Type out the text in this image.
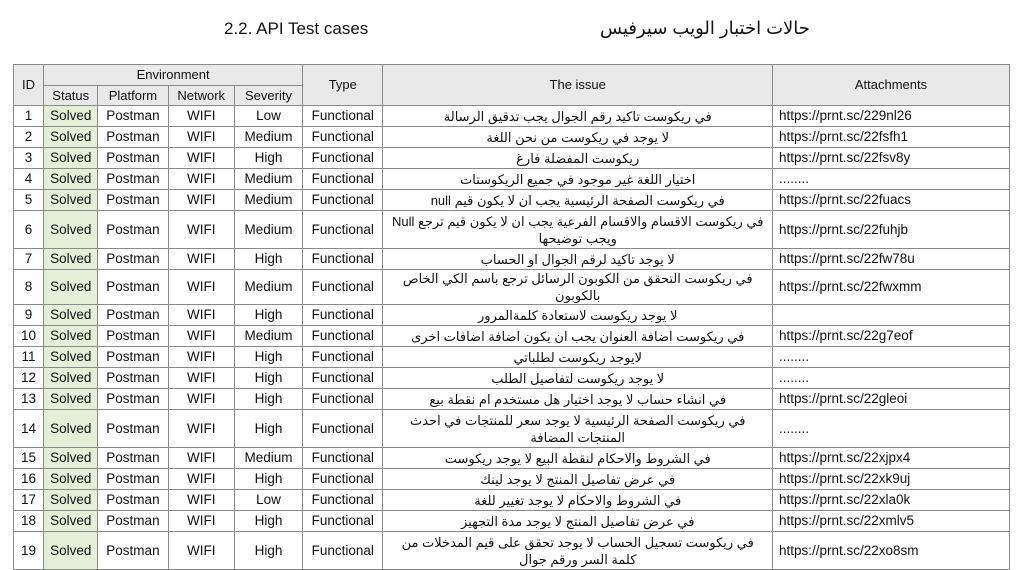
2.2. API Test cases	حالات اختبار الويب سيرفيس
ID	Environment				Type	The issue	Attachments
	Status	Platform	Network	Severity			
1	Solved	Postman	WIFI	Low	Functional	في ريكوست تاكيد رقم الجوال يجب تدقيق الرسالة	https://prnt.sc/229nl26
2	Solved	Postman	WIFI	Medium	Functional	لا يوجد في ريكوست من نحن اللغة	https://prnt.sc/22fsfh1
3	Solved	Postman	WIFI	High	Functional	ريكوست المفضلة فارغ	https://prnt.sc/22fsv8y
4	Solved	Postman	WIFI	Medium	Functional	اختيار اللغة غير موجود في جميع الريكوستات	........
5	Solved	Postman	WIFI	Medium	Functional	في ريكوست الصفحة الرئيسية يجب ان لا يكون قيم null	https://prnt.sc/22fuacs
6	Solved	Postman	WIFI	Medium	Functional	في ريكوست الاقسام والاقسام الفرعية يجب ان لا يكون قيم ترجع Null ويجب توضيحها	https://prnt.sc/22fuhjb
7	Solved	Postman	WIFI	High	Functional	لا يوجد تاكيد لرقم الجوال او الحساب	https://prnt.sc/22fw78u
8	Solved	Postman	WIFI	Medium	Functional	في ريكوست التحقق من الكوبون الرسائل ترجع باسم الكي الخاص بالكوبون	https://prnt.sc/22fwxmm
9	Solved	Postman	WIFI	High	Functional	لا يوجد ريكوست لاستعادة كلمةالمرور	
10	Solved	Postman	WIFI	Medium	Functional	في ريكوست اضافة العنوان يجب ان يكون اضافة اضافات اخرى	https://prnt.sc/22g7eof
11	Solved	Postman	WIFI	High	Functional	لايوجد ريكوست لطلباتي	........
12	Solved	Postman	WIFI	High	Functional	لا يوجد ريكوست لتفاصيل الطلب	........
13	Solved	Postman	WIFI	High	Functional	في انشاء حساب لا يوجد اختيار هل مستخدم ام نقطة بيع	https://prnt.sc/22gleoi
14	Solved	Postman	WIFI	High	Functional	في ريكوست الصفحة الرئيسية لا يوجد سعر للمنتجات في احدث المنتجات المضافة	........
15	Solved	Postman	WIFI	Medium	Functional	في الشروط والاحكام لنقطة البيع لا يوجد ريكوست	https://prnt.sc/22xjpx4
16	Solved	Postman	WIFI	High	Functional	في عرض تفاصيل المنتج لا يوجد لينك	https://prnt.sc/22xk9uj
17	Solved	Postman	WIFI	Low	Functional	في الشروط والاحكام لا يوجد تغيير للغة	https://prnt.sc/22xla0k
18	Solved	Postman	WIFI	High	Functional	في عرض تفاصيل المنتج لا يوجد مدة التجهيز	https://prnt.sc/22xmlv5
19	Solved	Postman	WIFI	High	Functional	في ريكوست تسجيل الحساب لا يوجد تحقق على قيم المدخلات من كلمة السر ورقم جوال	https://prnt.sc/22xo8sm
